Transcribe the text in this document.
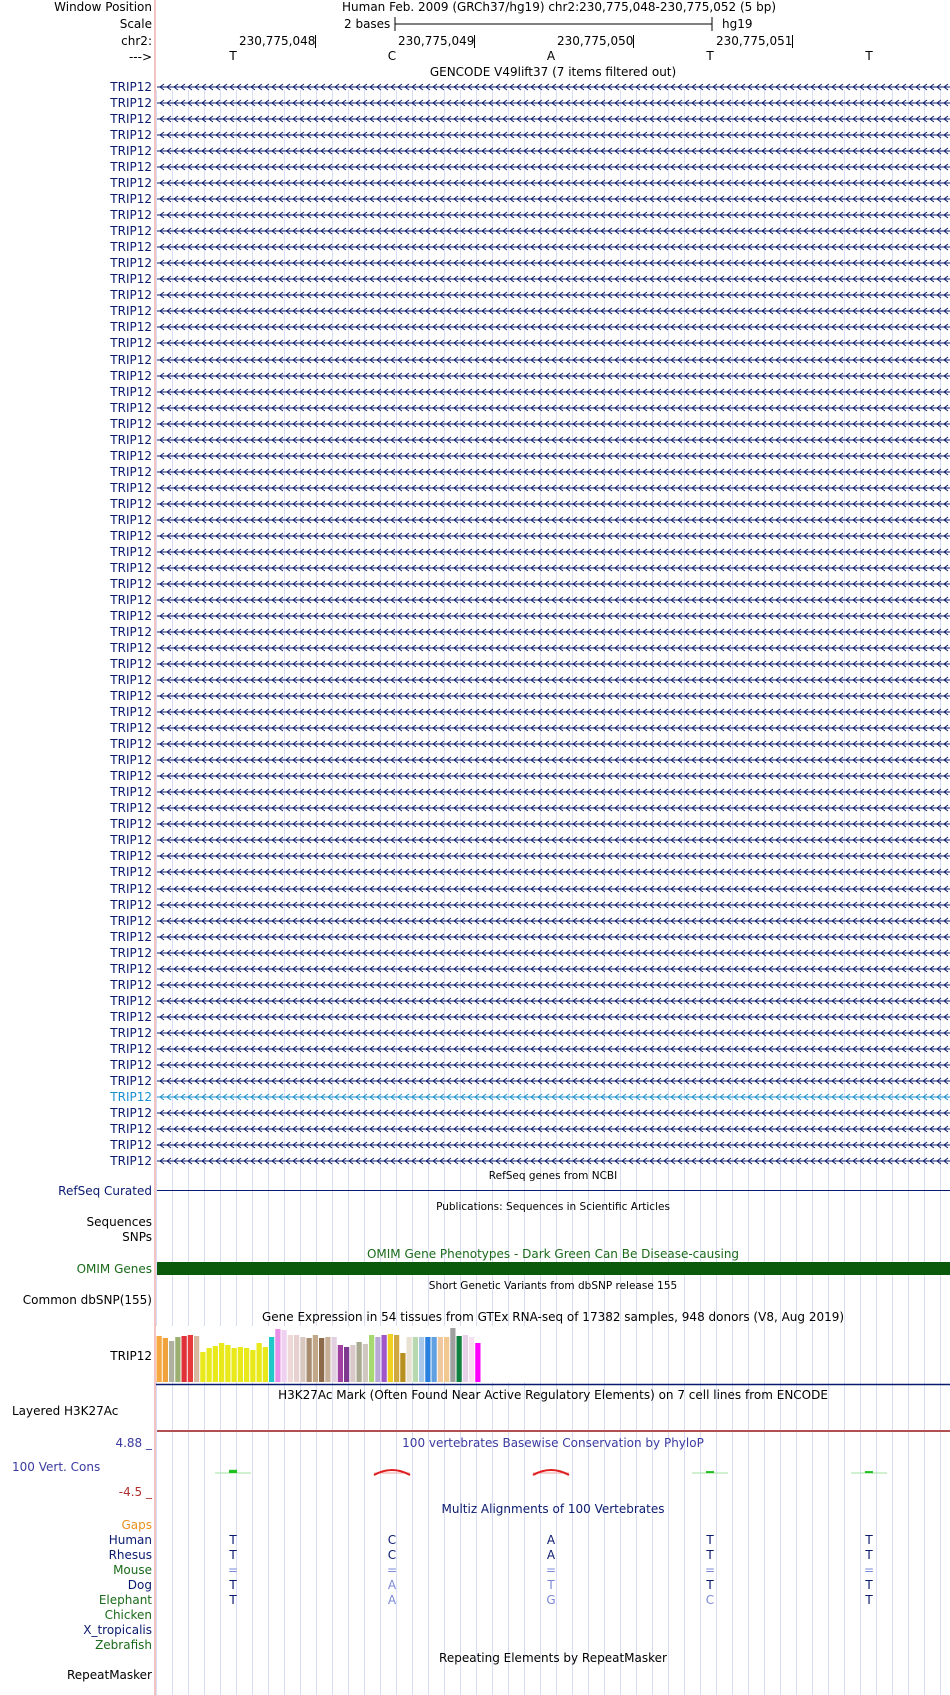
Window Position	Human Feb. 2009 (GRCh37/hg19) chr2:230,775,048-230,775,052 (5 bp)
Scale	2 bases	hg19
chr2:	230,775,048	230,775,049	230,775,050	230,775,051
--->	T	C	A	T	T
GENCODE V49lift37 (7 items filtered out)
TRIP12
TRIP12
TRIP12
TRIP12
TRIP12
TRIP12
TRIP12
TRIP12
TRIP12
TRIP12
TRIP12
TRIP12
TRIP12
TRIP12
TRIP12
TRIP12
TRIP12
TRIP12
TRIP12
TRIP12
TRIP12
TRIP12
TRIP12
TRIP12
TRIP12
TRIP12
TRIP12
TRIP12
TRIP12
TRIP12
TRIP12
TRIP12
TRIP12
TRIP12
TRIP12
TRIP12
TRIP12
TRIP12
TRIP12
TRIP12
TRIP12
TRIP12
TRIP12
TRIP12
TRIP12
TRIP12
TRIP12
TRIP12
TRIP12
TRIP12
TRIP12
TRIP12
TRIP12
TRIP12
TRIP12
TRIP12
TRIP12
TRIP12
TRIP12
TRIP12
TRIP12
TRIP12
TRIP12
TRIP12
TRIP12
TRIP12
TRIP12
TRIP12
RefSeq genes from NCBI
RefSeq Curated
Publications: Sequences in Scientific Articles
Sequences
SNPs
OMIM Gene Phenotypes - Dark Green Can Be Disease-causing
OMIM Genes
Short Genetic Variants from dbSNP release 155
Common dbSNP(155)
Gene Expression in 54 tissues from GTEx RNA-seq of 17382 samples, 948 donors (V8, Aug 2019)
TRIP12
H3K27Ac Mark (Often Found Near Active Regulatory Elements) on 7 cell lines from ENCODE
Layered H3K27Ac
4.88 _	100 vertebrates Basewise Conservation by PhyloP
100 Vert. Cons
-4.5 _
Multiz Alignments of 100 Vertebrates
Gaps
Human	T	C	A	T	T
Rhesus	T	C	A	T	T
Mouse	=	=	=	=	=
Dog	T	A	T	T	T
Elephant	T	A	G	C	T
Chicken
X_tropicalis
Zebrafish
Repeating Elements by RepeatMasker
RepeatMasker
